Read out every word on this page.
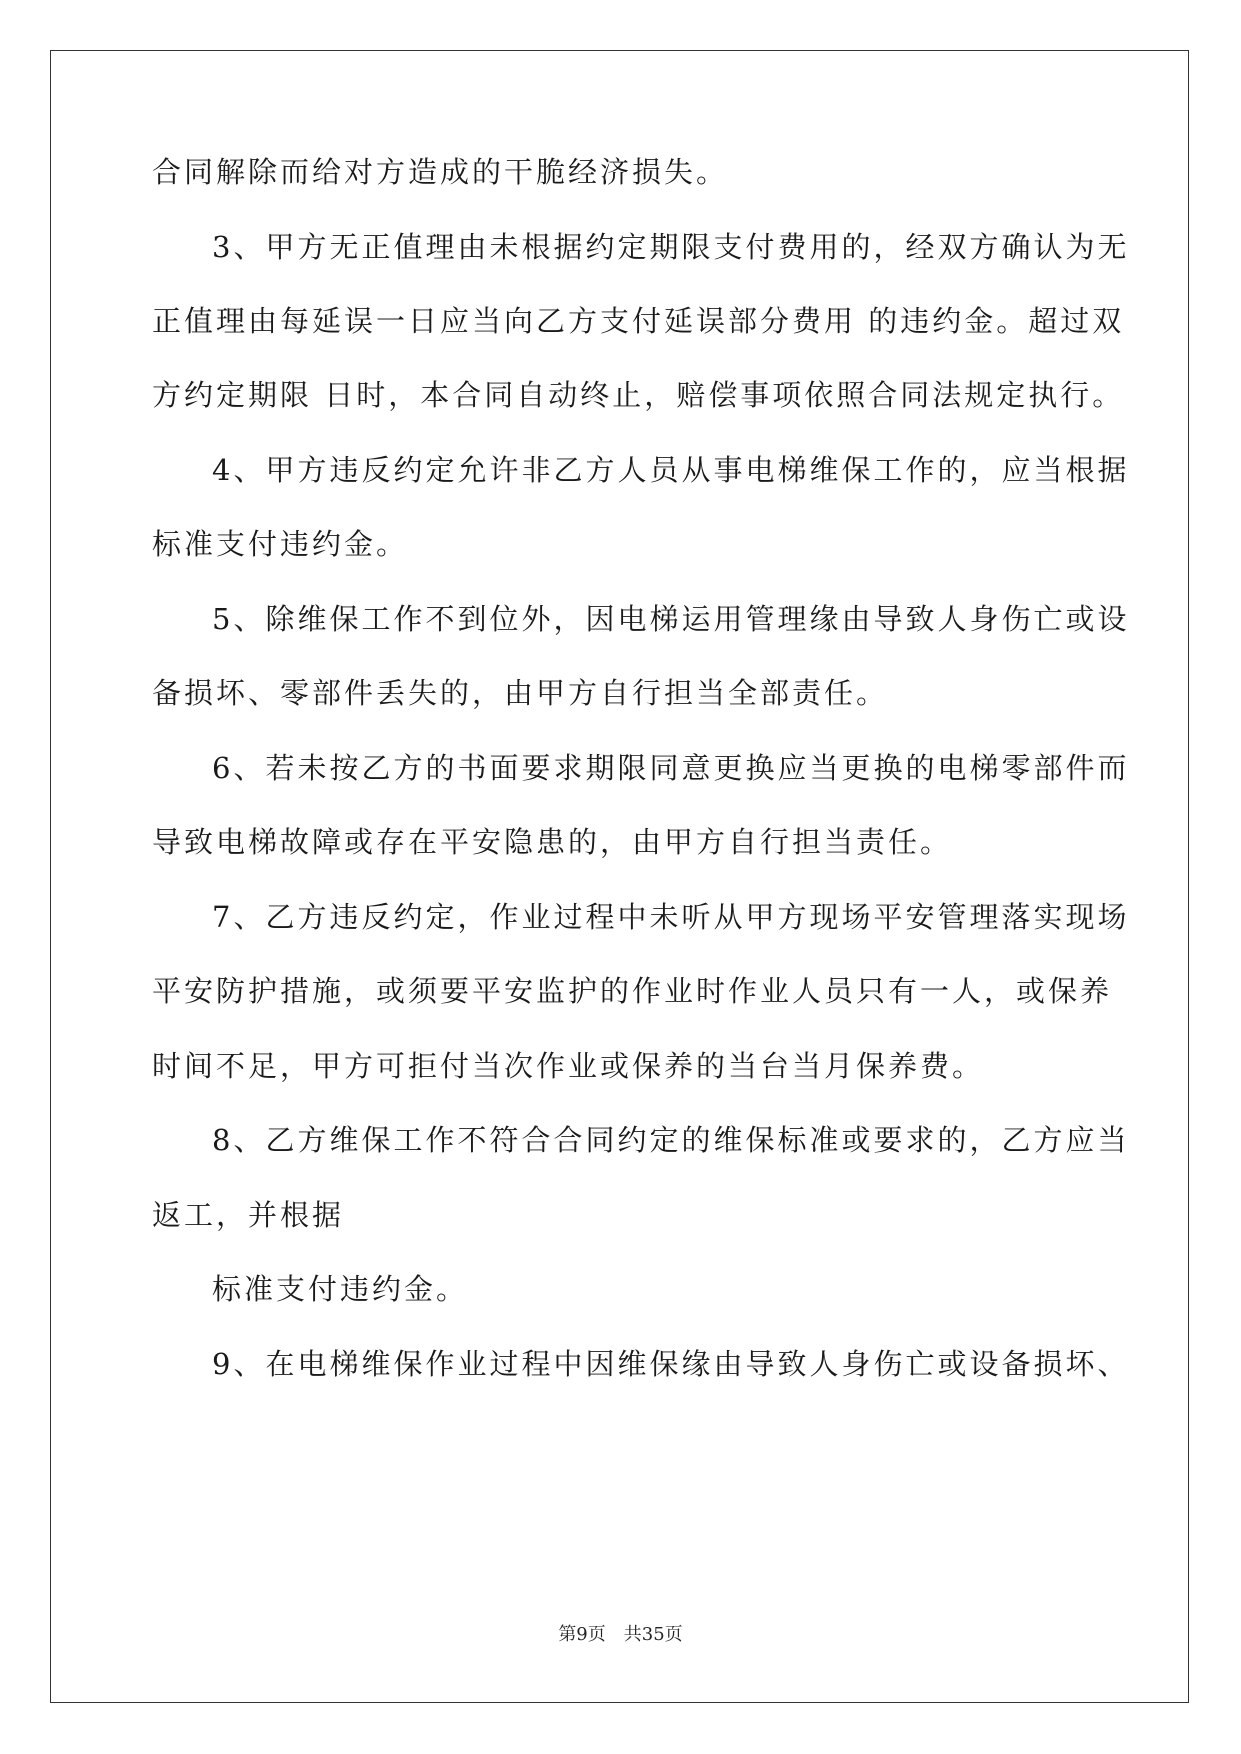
合同解除而给对方造成的干脆经济损失。
3、甲方无正值理由未根据约定期限支付费用的，经双方确认为无
正值理由每延误一日应当向乙方支付延误部分费用 的违约金。超过双
方约定期限 日时，本合同自动终止，赔偿事项依照合同法规定执行。
4、甲方违反约定允许非乙方人员从事电梯维保工作的，应当根据
标准支付违约金。
5、除维保工作不到位外，因电梯运用管理缘由导致人身伤亡或设
备损坏、零部件丢失的，由甲方自行担当全部责任。
6、若未按乙方的书面要求期限同意更换应当更换的电梯零部件而
导致电梯故障或存在平安隐患的，由甲方自行担当责任。
7、乙方违反约定，作业过程中未听从甲方现场平安管理落实现场
平安防护措施，或须要平安监护的作业时作业人员只有一人，或保养
时间不足，甲方可拒付当次作业或保养的当台当月保养费。
8、乙方维保工作不符合合同约定的维保标准或要求的，乙方应当
返工，并根据
标准支付违约金。
9、在电梯维保作业过程中因维保缘由导致人身伤亡或设备损坏、
第9页 共35页
